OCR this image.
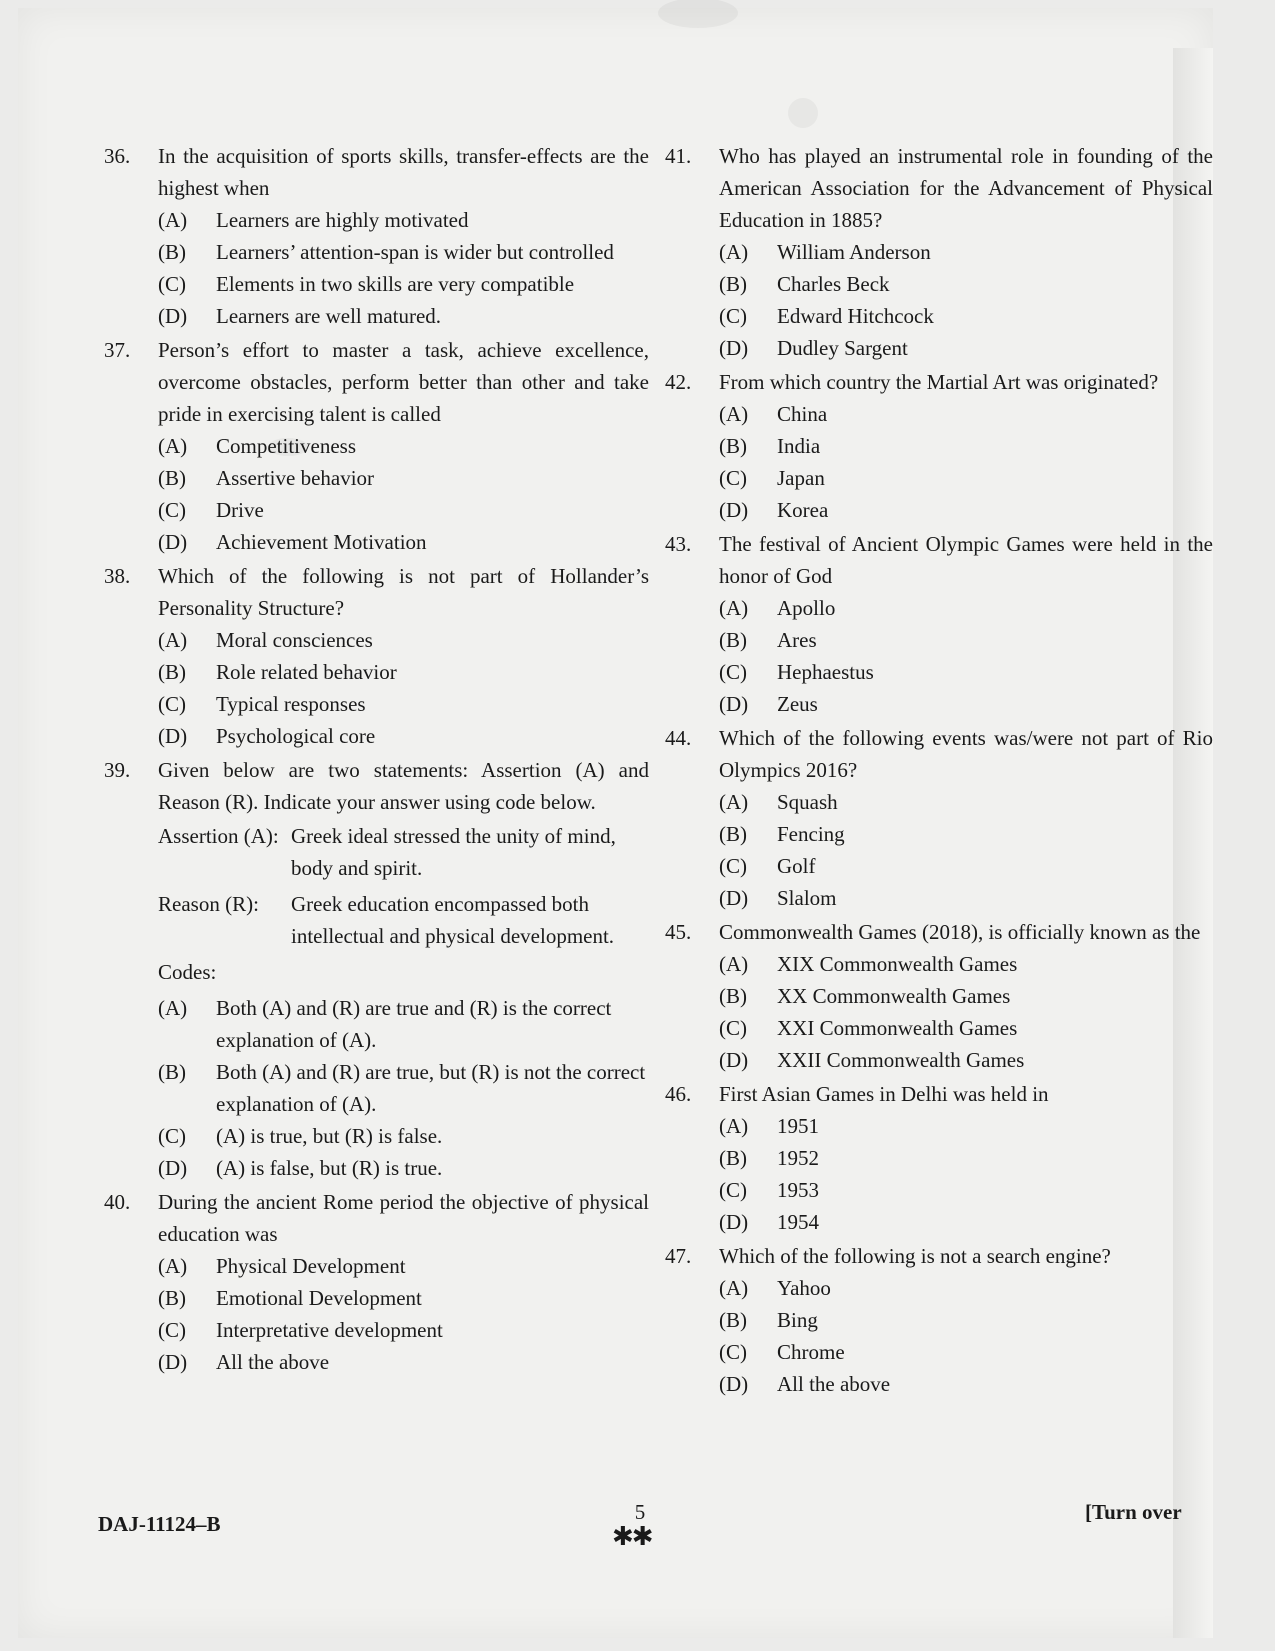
36.	In the acquisition of sports skills, transfer-effects are the highest when
(A)	Learners are highly motivated
(B)	Learners’ attention-span is wider but controlled
(C)	Elements in two skills are very compatible
(D)	Learners are well matured.
37.	Person’s effort to master a task, achieve excellence, overcome obstacles, perform better than other and take pride in exercising talent is called
(A)	Competitiveness
(B)	Assertive behavior
(C)	Drive
(D)	Achievement Motivation
38.	Which of the following is not part of Hollander’s Personality Structure?
(A)	Moral consciences
(B)	Role related behavior
(C)	Typical responses
(D)	Psychological core
39.	Given below are two statements: Assertion (A) and Reason (R). Indicate your answer using code below.
Assertion (A): Greek ideal stressed the unity of mind, body and spirit.
Reason (R):	Greek education encompassed both intellectual and physical development.
Codes:
(A)	Both (A) and (R) are true and (R) is the correct explanation of (A).
(B)	Both (A) and (R) are true, but (R) is not the correct explanation of (A).
(C)	(A) is true, but (R) is false.
(D)	(A) is false, but (R) is true.
40.	During the ancient Rome period the objective of physical education was
(A)	Physical Development
(B)	Emotional Development
(C)	Interpretative development
(D)	All the above
41.	Who has played an instrumental role in founding of the American Association for the Advancement of Physical Education in 1885?
(A)	William Anderson
(B)	Charles Beck
(C)	Edward Hitchcock
(D)	Dudley Sargent
42.	From which country the Martial Art was originated?
(A)	China
(B)	India
(C)	Japan
(D)	Korea
43.	The festival of Ancient Olympic Games were held in the honor of God
(A)	Apollo
(B)	Ares
(C)	Hephaestus
(D)	Zeus
44.	Which of the following events was/were not part of Rio Olympics 2016?
(A)	Squash
(B)	Fencing
(C)	Golf
(D)	Slalom
45.	Commonwealth Games (2018), is officially known as the
(A)	XIX Commonwealth Games
(B)	XX Commonwealth Games
(C)	XXI Commonwealth Games
(D)	XXII Commonwealth Games
46.	First Asian Games in Delhi was held in
(A)	1951
(B)	1952
(C)	1953
(D)	1954
47.	Which of the following is not a search engine?
(A)	Yahoo
(B)	Bing
(C)	Chrome
(D)	All the above
DAJ-11124–B	5
✱✱
[Turn over
